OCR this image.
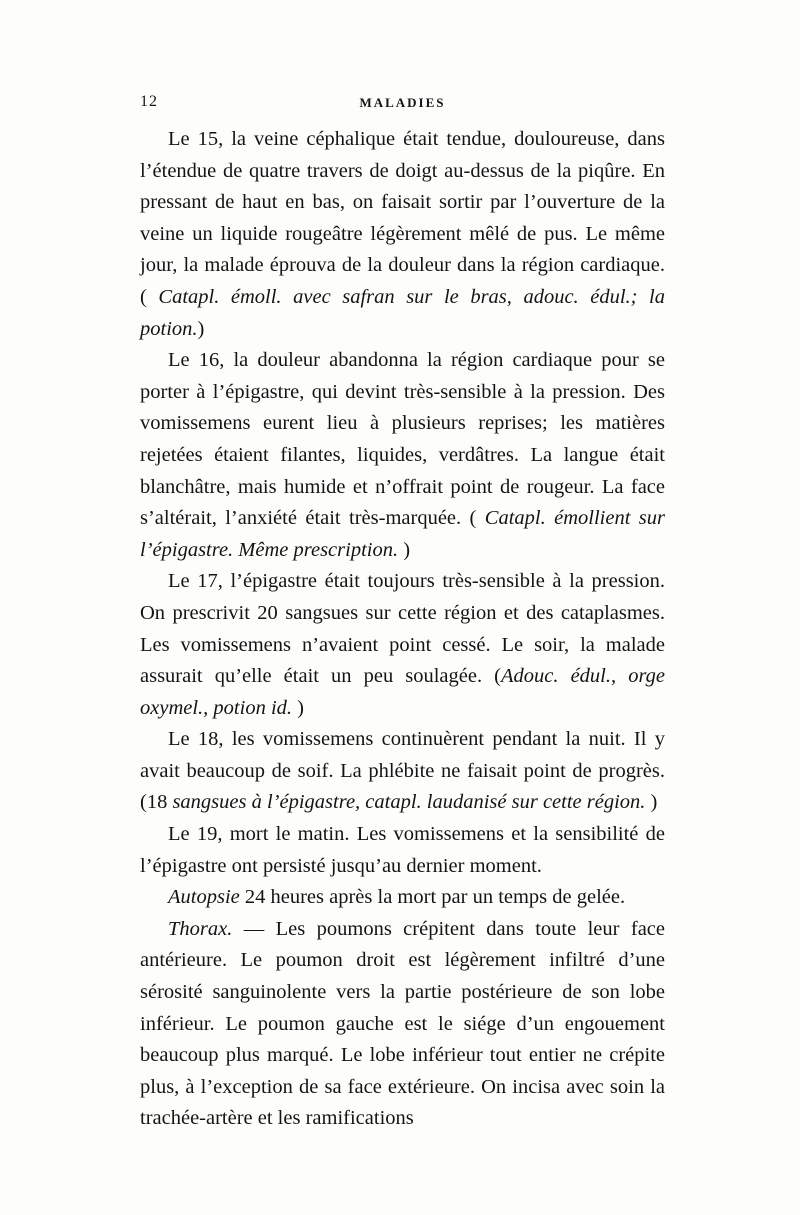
12	MALADIES

Le 15, la veine céphalique était tendue, douloureuse, dans l’étendue de quatre travers de doigt au-dessus de la piqûre. En pressant de haut en bas, on faisait sortir par l’ouverture de la veine un liquide rougeâtre légèrement mêlé de pus. Le même jour, la malade éprouva de la douleur dans la région cardiaque. ( Catapl. émoll. avec safran sur le bras, adouc. édul.; la potion.)

Le 16, la douleur abandonna la région cardiaque pour se porter à l’épigastre, qui devint très-sensible à la pression. Des vomissemens eurent lieu à plusieurs reprises; les matières rejetées étaient filantes, liquides, verdâtres. La langue était blanchâtre, mais humide et n’offrait point de rougeur. La face s’altérait, l’anxiété était très-marquée. ( Catapl. émollient sur l’épigastre. Même prescription. )

Le 17, l’épigastre était toujours très-sensible à la pression. On prescrivit 20 sangsues sur cette région et des cataplasmes. Les vomissemens n’avaient point cessé. Le soir, la malade assurait qu’elle était un peu soulagée. (Adouc. édul., orge oxymel., potion id. )

Le 18, les vomissemens continuèrent pendant la nuit. Il y avait beaucoup de soif. La phlébite ne faisait point de progrès. (18 sangsues à l’épigastre, catapl. laudanisé sur cette région. )

Le 19, mort le matin. Les vomissemens et la sensibilité de l’épigastre ont persisté jusqu’au dernier moment.

Autopsie 24 heures après la mort par un temps de gelée.

Thorax. — Les poumons crépitent dans toute leur face antérieure. Le poumon droit est légèrement infiltré d’une sérosité sanguinolente vers la partie postérieure de son lobe inférieur. Le poumon gauche est le siége d’un engouement beaucoup plus marqué. Le lobe inférieur tout entier ne crépite plus, à l’exception de sa face extérieure. On incisa avec soin la trachée-artère et les ramifications
